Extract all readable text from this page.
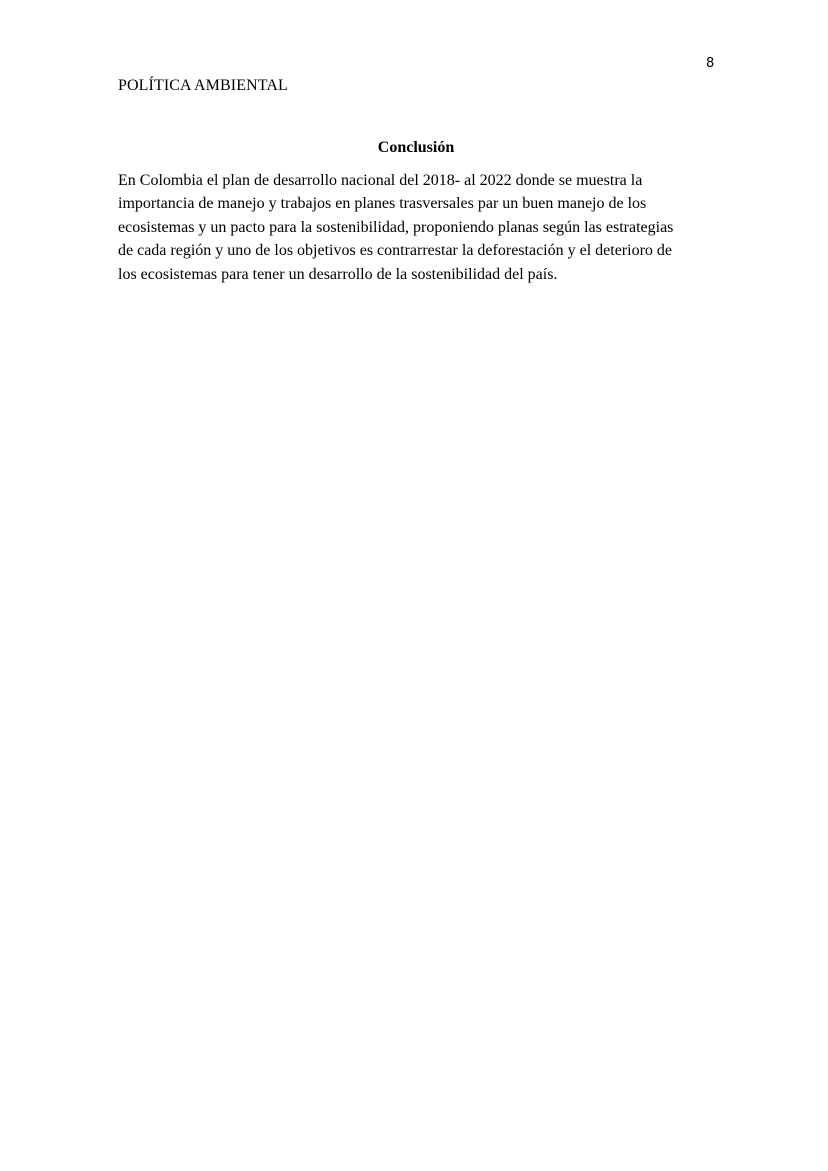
8
POLÍTICA AMBIENTAL
Conclusión
En Colombia el plan de desarrollo nacional del 2018- al 2022 donde se muestra la
importancia de manejo y trabajos en planes trasversales par un buen manejo de los
ecosistemas y un pacto para la sostenibilidad, proponiendo planas según las estrategias
de cada región y uno de los objetivos es contrarrestar la deforestación y el deterioro de
los ecosistemas para tener un desarrollo de la sostenibilidad del país.
